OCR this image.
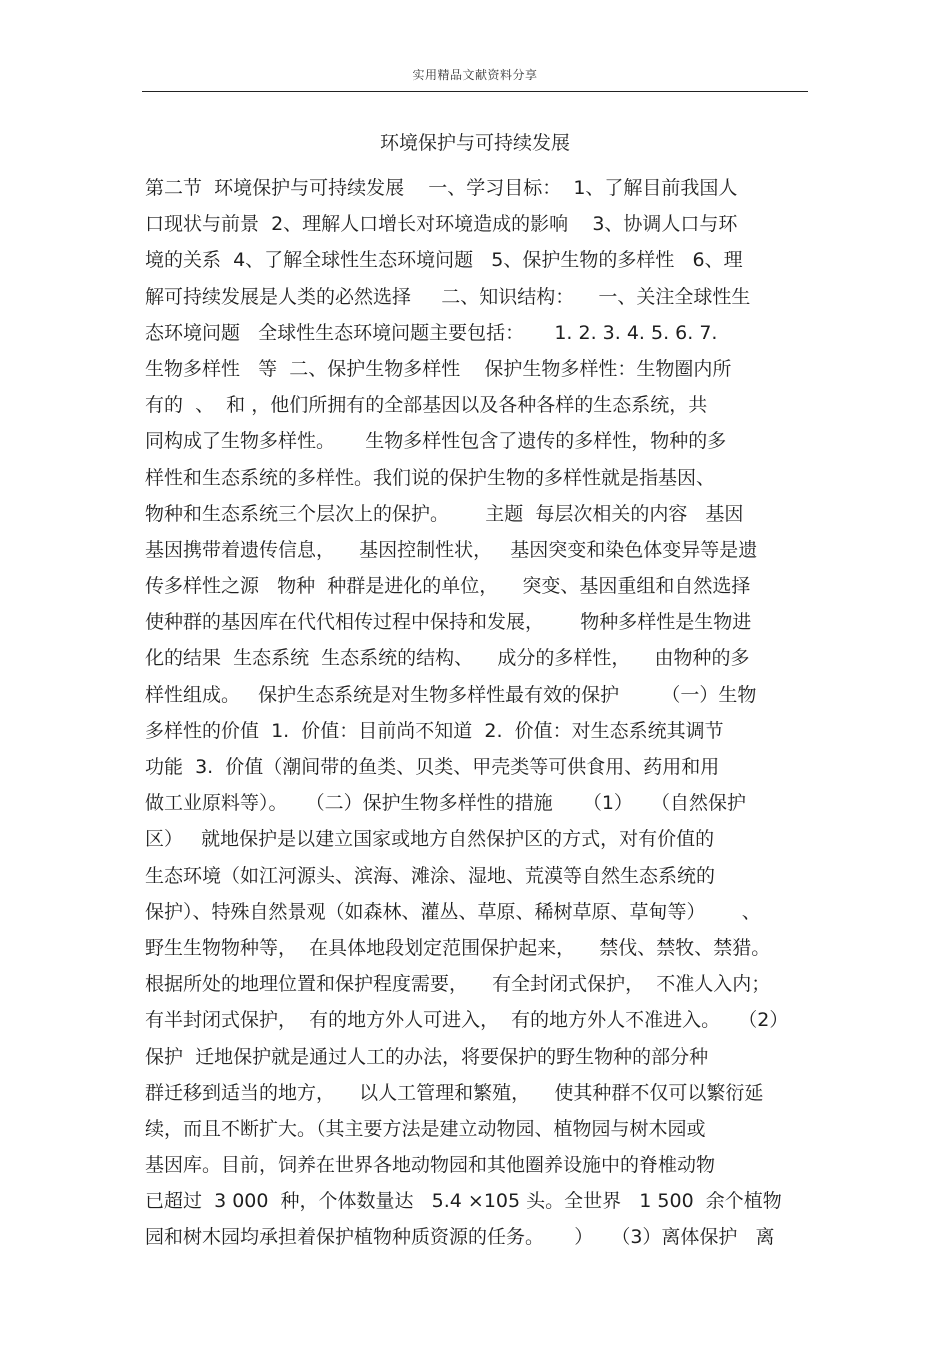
实用精品文献资料分享
环境保护与可持续发展
第二节  环境保护与可持续发展    一、学习目标：  1、了解目前我国人
口现状与前景  2、理解人口增长对环境造成的影响    3、协调人口与环
境的关系  4、了解全球性生态环境问题   5、保护生物的多样性   6、理
解可持续发展是人类的必然选择     二、知识结构：    一、关注全球性生
态环境问题   全球性生态环境问题主要包括：     1. 2. 3. 4. 5. 6. 7.
生物多样性   等  二、保护生物多样性    保护生物多样性：生物圈内所
有的  、  和 ，他们所拥有的全部基因以及各种各样的生态系统，共
同构成了生物多样性。     生物多样性包含了遗传的多样性，物种的多
样性和生态系统的多样性。我们说的保护生物的多样性就是指基因、
物种和生态系统三个层次上的保护。      主题  每层次相关的内容   基因
基因携带着遗传信息，    基因控制性状，   基因突变和染色体变异等是遗
传多样性之源   物种  种群是进化的单位，    突变、基因重组和自然选择
使种群的基因库在代代相传过程中保持和发展，      物种多样性是生物进
化的结果  生态系统  生态系统的结构、    成分的多样性，    由物种的多
样性组成。   保护生态系统是对生物多样性最有效的保护       （一）生物
多样性的价值  1.  价值：目前尚不知道  2.  价值：对生态系统其调节
功能  3.  价值（潮间带的鱼类、贝类、甲壳类等可供食用、药用和用
做工业原料等）。   （二）保护生物多样性的措施     （1）   （自然保护
区）   就地保护是以建立国家或地方自然保护区的方式，对有价值的
生态环境（如江河源头、滨海、滩涂、湿地、荒漠等自然生态系统的
保护）、特殊自然景观（如森林、灌丛、草原、稀树草原、草甸等）      、
野生生物物种等，  在具体地段划定范围保护起来，    禁伐、禁牧、禁猎。
根据所处的地理位置和保护程度需要，    有全封闭式保护，  不准人入内；
有半封闭式保护，  有的地方外人可进入，  有的地方外人不准进入。   （2）
保护  迁地保护就是通过人工的办法，将要保护的野生物种的部分种
群迁移到适当的地方，    以人工管理和繁殖，    使其种群不仅可以繁衍延
续，而且不断扩大。（其主要方法是建立动物园、植物园与树木园或
基因库。目前，饲养在世界各地动物园和其他圈养设施中的脊椎动物
已超过  3 000  种，个体数量达   5.4 ×105 头。全世界   1 500  余个植物
园和树木园均承担着保护植物种质资源的任务。     ）   （3）离体保护   离
